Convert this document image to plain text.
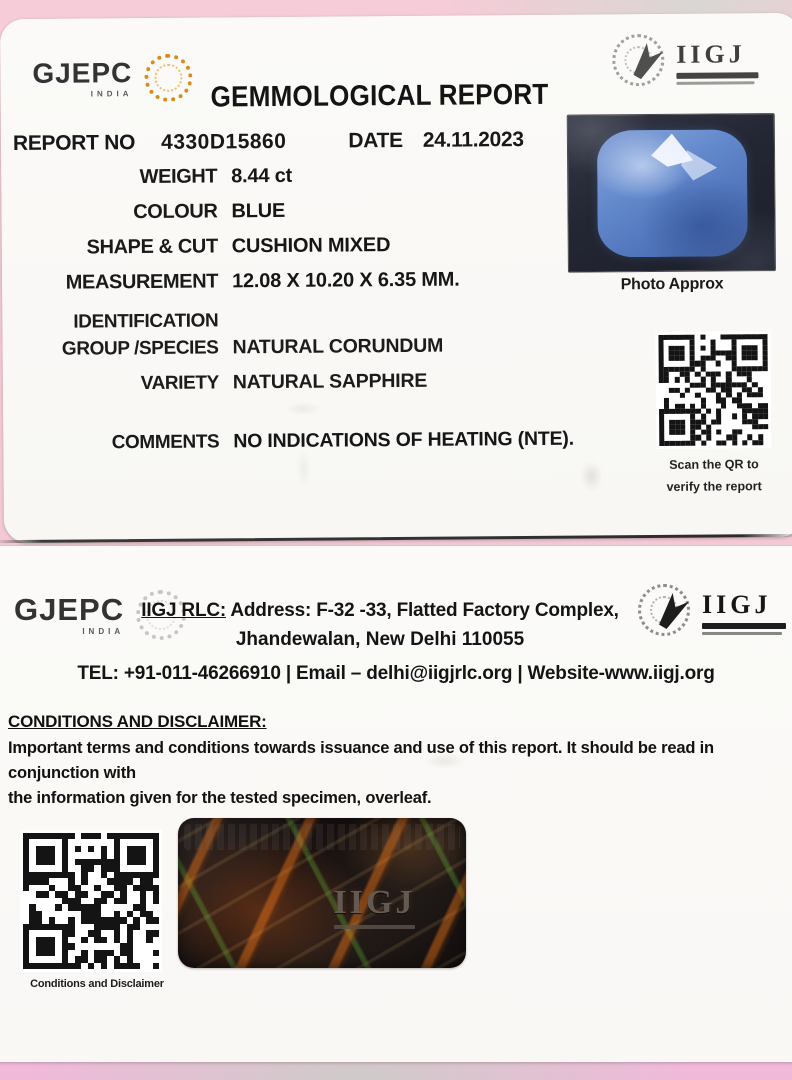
GJEPC
INDIA
IIGJ
GEMMOLOGICAL REPORT
REPORT NO 4330D15860	DATE 24.11.2023
WEIGHT 8.44 ct
COLOUR BLUE
SHAPE & CUT CUSHION MIXED
MEASUREMENT 12.08 X 10.20 X 6.35 MM.	Photo Approx
IDENTIFICATION
GROUP /SPECIES NATURAL CORUNDUM
VARIETY NATURAL SAPPHIRE
COMMENTS NO INDICATIONS OF HEATING (NTE).
Scan the QR to
verify the report
GJEPC
INDIA
IIGJ
IIGJ RLC: Address: F-32 -33, Flatted Factory Complex,
Jhandewalan, New Delhi 110055
TEL: +91-011-46266910 | Email – delhi@iigjrlc.org | Website-www.iigj.org
CONDITIONS AND DISCLAIMER:
Important terms and conditions towards issuance and use of this report. It should be read in conjunction with
the information given for the tested specimen, overleaf.
Conditions and Disclaimer
IIGJ
